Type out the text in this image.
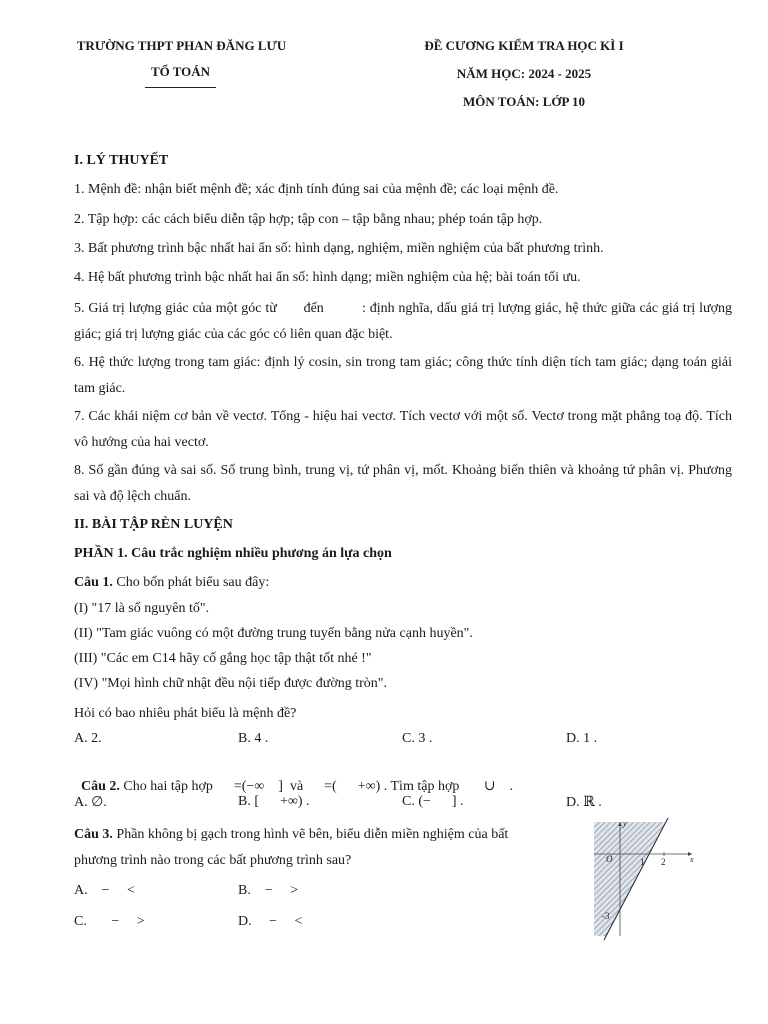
TRƯỜNG THPT PHAN ĐĂNG LƯU
TỔ TOÁN
ĐỀ CƯƠNG KIỂM TRA HỌC KÌ I
NĂM HỌC: 2024 - 2025
MÔN TOÁN: LỚP 10
I. LÝ THUYẾT
1. Mệnh đề: nhận biết mệnh đề; xác định tính đúng sai của mệnh đề; các loại mệnh đề.
2. Tập hợp: các cách biểu diễn tập hợp; tập con – tập bằng nhau; phép toán tập hợp.
3. Bất phương trình bậc nhất hai ẩn số: hình dạng, nghiệm, miền nghiệm của bất phương trình.
4. Hệ bất phương trình bậc nhất hai ẩn số: hình dạng; miền nghiệm của hệ; bài toán tối ưu.
5. Giá trị lượng giác của một góc từ       đến          : định nghĩa, dấu giá trị lượng giác, hệ thức giữa các giá trị lượng giác; giá trị lượng giác của các góc có liên quan đặc biệt.
6. Hệ thức lượng trong tam giác: định lý cosin, sin trong tam giác; công thức tính diện tích tam giác; dạng toán giải tam giác.
7. Các khái niệm cơ bản về vectơ. Tổng - hiệu hai vectơ. Tích vectơ với một số. Vectơ trong mặt phẳng toạ độ. Tích vô hướng của hai vectơ.
8. Số gần đúng và sai số. Số trung bình, trung vị, tứ phân vị, mốt. Khoảng biến thiên và khoảng tứ phân vị. Phương sai và độ lệch chuẩn.
II. BÀI TẬP RÈN LUYỆN
PHẦN 1. Câu trắc nghiệm nhiều phương án lựa chọn
Câu 1. Cho bốn phát biểu sau đây:
(I) "17 là số nguyên tố".
(II) "Tam giác vuông có một đường trung tuyến bằng nửa cạnh huyền".
(III) "Các em C14 hãy cố gắng học tập thật tốt nhé !"
(IV) "Mọi hình chữ nhật đều nội tiếp được đường tròn".
Hỏi có bao nhiêu phát biểu là mệnh đề?
A. 2.	B. 4 .	C. 3 .	D. 1 .

Câu 2. Cho hai tập hợp      =(−∞    ]  và      =(      +∞) . Tìm tập hợp       ∪    .

A. ∅.	B. [      +∞) .	C. (−      ] .	D. ℝ .
Câu 3. Phần không bị gạch trong hình vẽ bên, biểu diễn miền nghiệm của bất
phương trình nào trong các bất phương trình sau?
A.    −     <	B.    −     >
C.       −     >	D.     −     <
y
x
O	1 2
-3
